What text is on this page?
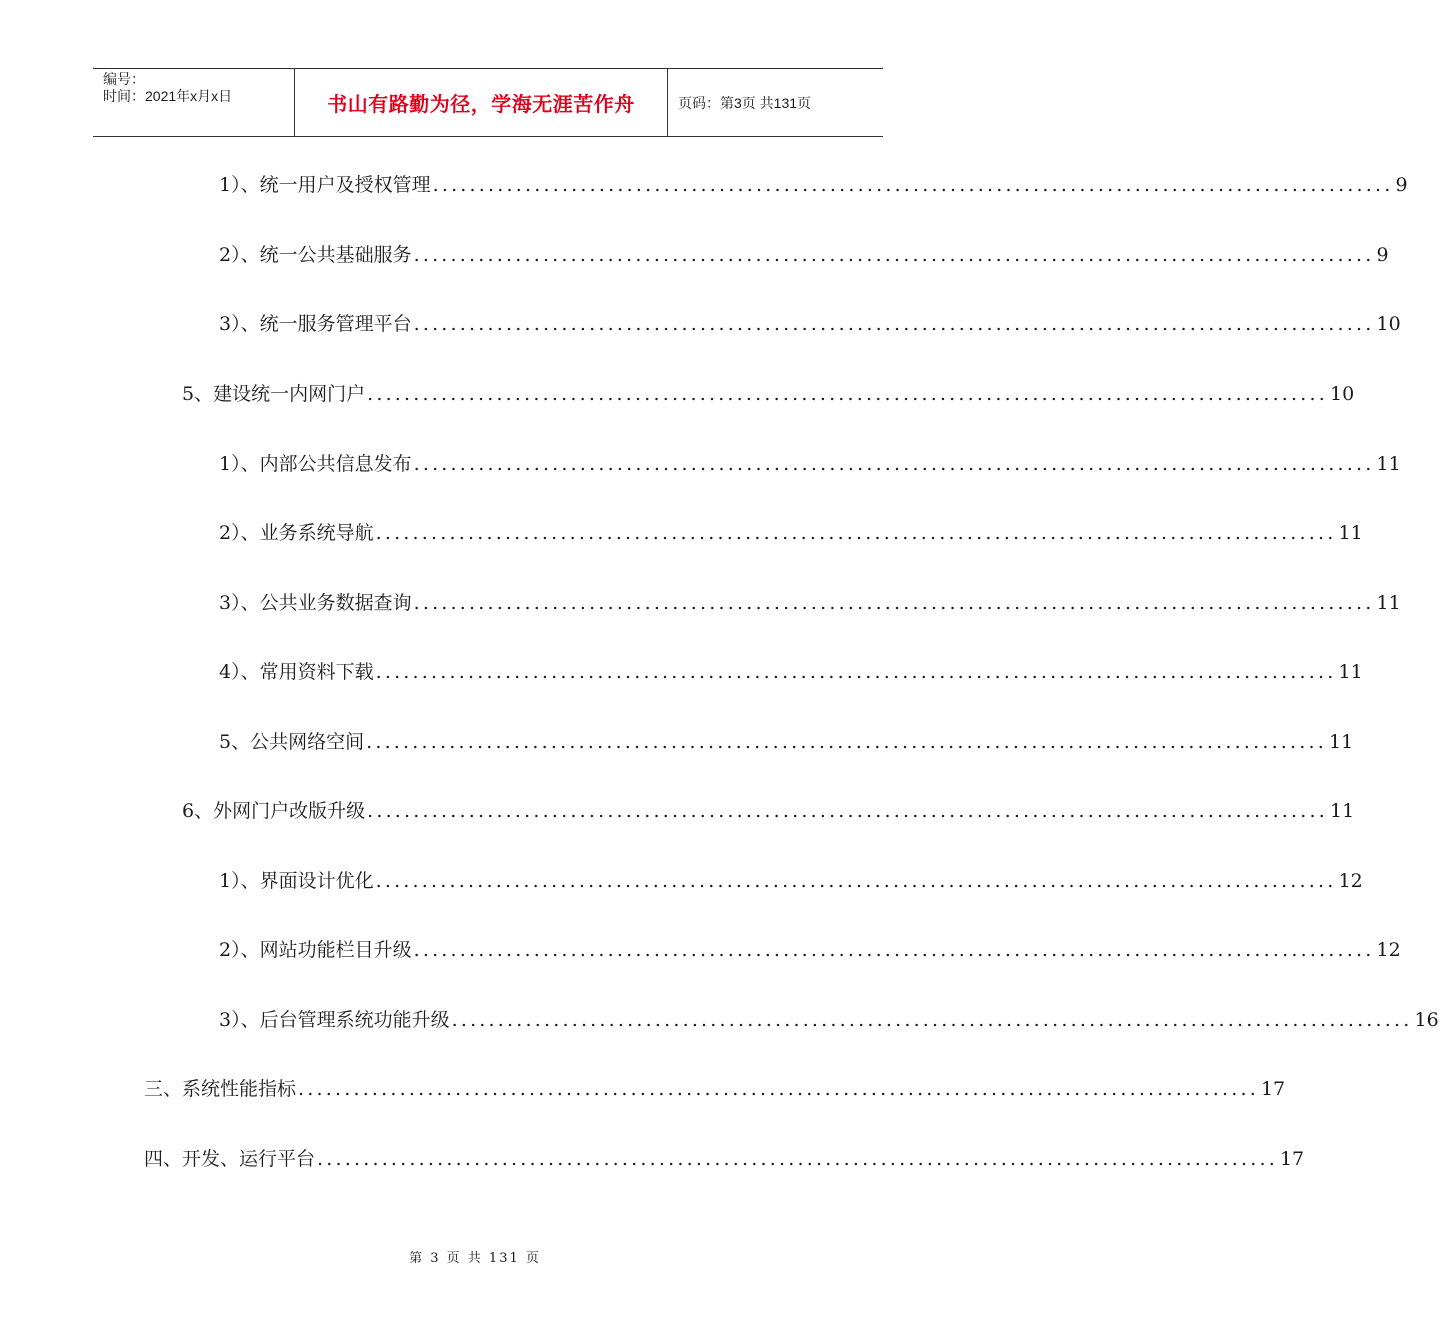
编号：
时间：2021年x月x日	书山有路勤为径，学海无涯苦作舟	页码：第3页 共131页
1）、统一用户及授权管理 ........................................................................................................ 9
2）、统一公共基础服务 ........................................................................................................ 9
3）、统一服务管理平台 ........................................................................................................ 10
5、建设统一内网门户 ........................................................................................................ 10
1）、内部公共信息发布 ........................................................................................................ 11
2）、业务系统导航 ........................................................................................................ 11
3）、公共业务数据查询 ........................................................................................................ 11
4）、常用资料下载 ........................................................................................................ 11
5、公共网络空间 ........................................................................................................ 11
6、外网门户改版升级 ........................................................................................................ 11
1）、界面设计优化 ........................................................................................................ 12
2）、网站功能栏目升级 ........................................................................................................ 12
3）、后台管理系统功能升级 ........................................................................................................ 16
三、系统性能指标 ........................................................................................................ 17
四、开发、运行平台 ........................................................................................................ 17
第 3 页 共 131 页
